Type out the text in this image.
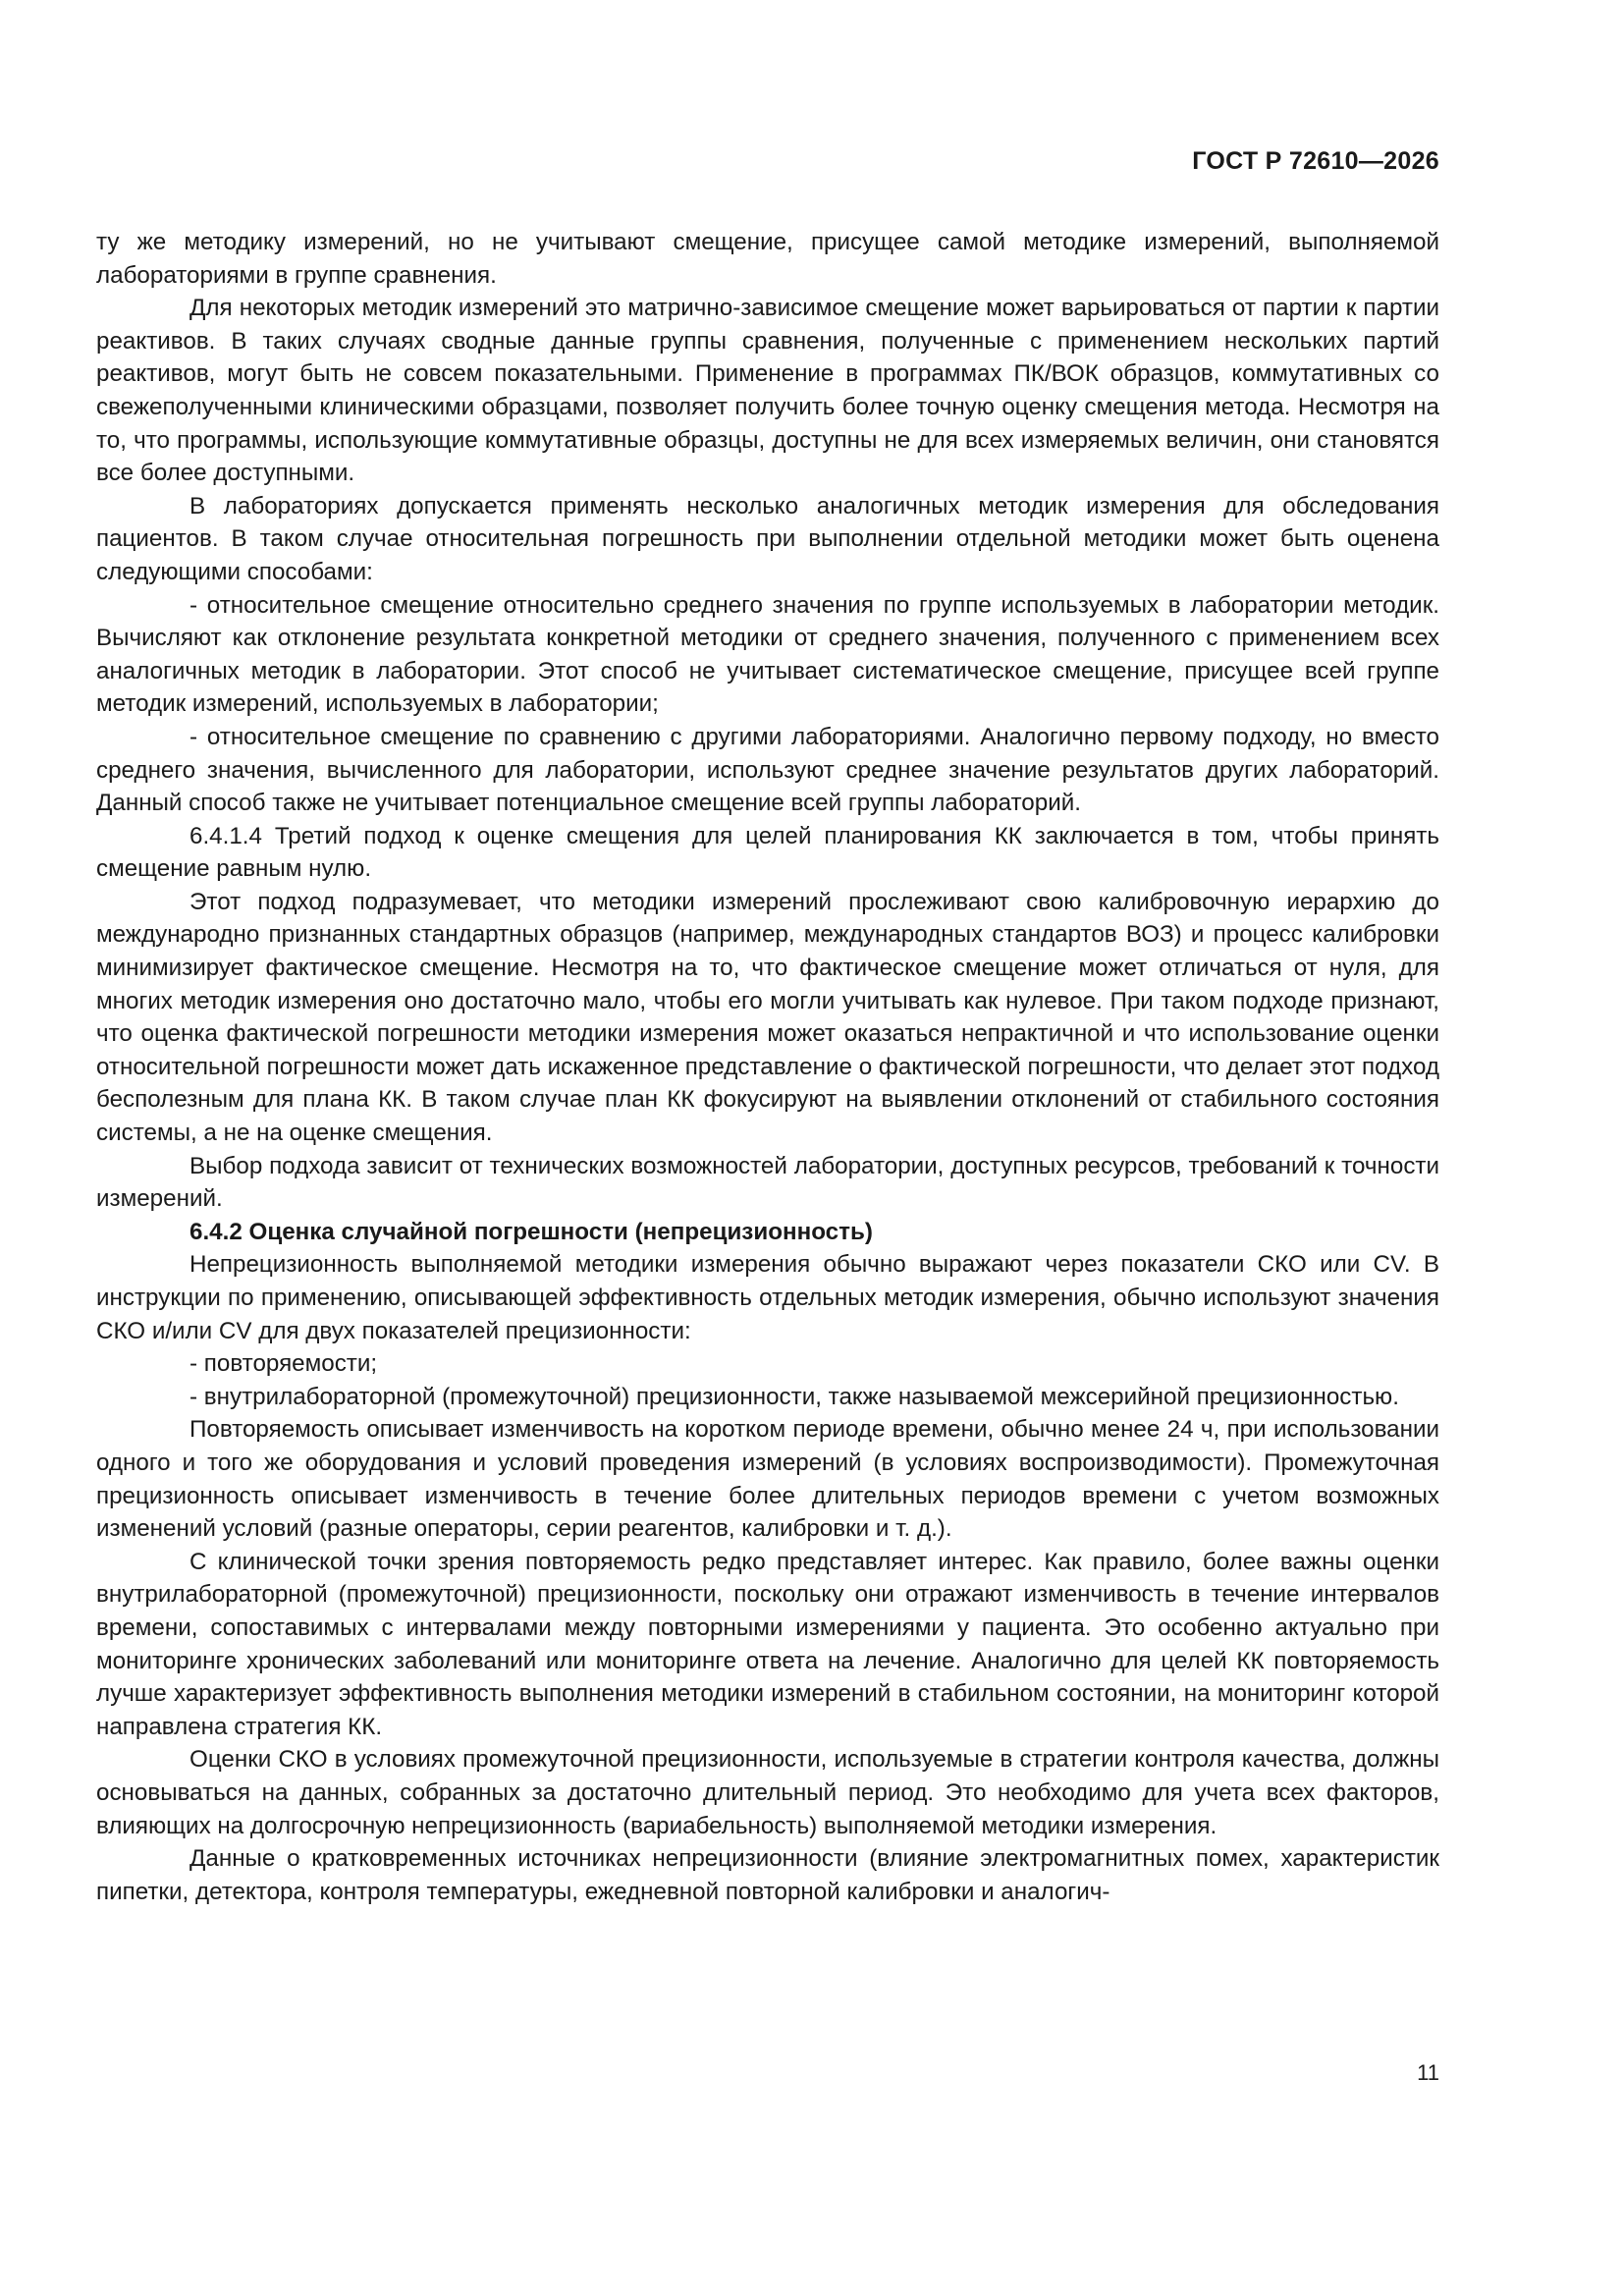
ГОСТ Р 72610—2026

ту же методику измерений, но не учитывают смещение, присущее самой методике измерений, выполняемой лабораториями в группе сравнения.

Для некоторых методик измерений это матрично-зависимое смещение может варьироваться от партии к партии реактивов. В таких случаях сводные данные группы сравнения, полученные с применением нескольких партий реактивов, могут быть не совсем показательными. Применение в программах ПК/ВОК образцов, коммутативных со свежеполученными клиническими образцами, позволяет получить более точную оценку смещения метода. Несмотря на то, что программы, использующие коммутативные образцы, доступны не для всех измеряемых величин, они становятся все более доступными.

В лабораториях допускается применять несколько аналогичных методик измерения для обследования пациентов. В таком случае относительная погрешность при выполнении отдельной методики может быть оценена следующими способами:

- относительное смещение относительно среднего значения по группе используемых в лаборатории методик. Вычисляют как отклонение результата конкретной методики от среднего значения, полученного с применением всех аналогичных методик в лаборатории. Этот способ не учитывает систематическое смещение, присущее всей группе методик измерений, используемых в лаборатории;

- относительное смещение по сравнению с другими лабораториями. Аналогично первому подходу, но вместо среднего значения, вычисленного для лаборатории, используют среднее значение результатов других лабораторий. Данный способ также не учитывает потенциальное смещение всей группы лабораторий.

6.4.1.4 Третий подход к оценке смещения для целей планирования КК заключается в том, чтобы принять смещение равным нулю.

Этот подход подразумевает, что методики измерений прослеживают свою калибровочную иерархию до международно признанных стандартных образцов (например, международных стандартов ВОЗ) и процесс калибровки минимизирует фактическое смещение. Несмотря на то, что фактическое смещение может отличаться от нуля, для многих методик измерения оно достаточно мало, чтобы его могли учитывать как нулевое. При таком подходе признают, что оценка фактической погрешности методики измерения может оказаться непрактичной и что использование оценки относительной погрешности может дать искаженное представление о фактической погрешности, что делает этот подход бесполезным для плана КК. В таком случае план КК фокусируют на выявлении отклонений от стабильного состояния системы, а не на оценке смещения.

Выбор подхода зависит от технических возможностей лаборатории, доступных ресурсов, требований к точности измерений.

6.4.2 Оценка случайной погрешности (непрецизионность)

Непрецизионность выполняемой методики измерения обычно выражают через показатели СКО или CV. В инструкции по применению, описывающей эффективность отдельных методик измерения, обычно используют значения СКО и/или CV для двух показателей прецизионности:

- повторяемости;

- внутрилабораторной (промежуточной) прецизионности, также называемой межсерийной прецизионностью.

Повторяемость описывает изменчивость на коротком периоде времени, обычно менее 24 ч, при использовании одного и того же оборудования и условий проведения измерений (в условиях воспроизводимости). Промежуточная прецизионность описывает изменчивость в течение более длительных периодов времени с учетом возможных изменений условий (разные операторы, серии реагентов, калибровки и т. д.).

С клинической точки зрения повторяемость редко представляет интерес. Как правило, более важны оценки внутрилабораторной (промежуточной) прецизионности, поскольку они отражают изменчивость в течение интервалов времени, сопоставимых с интервалами между повторными измерениями у пациента. Это особенно актуально при мониторинге хронических заболеваний или мониторинге ответа на лечение. Аналогично для целей КК повторяемость лучше характеризует эффективность выполнения методики измерений в стабильном состоянии, на мониторинг которой направлена стратегия КК.

Оценки СКО в условиях промежуточной прецизионности, используемые в стратегии контроля качества, должны основываться на данных, собранных за достаточно длительный период. Это необходимо для учета всех факторов, влияющих на долгосрочную непрецизионность (вариабельность) выполняемой методики измерения.

Данные о кратковременных источниках непрецизионности (влияние электромагнитных помех, характеристик пипетки, детектора, контроля температуры, ежедневной повторной калибровки и аналогич-

11
